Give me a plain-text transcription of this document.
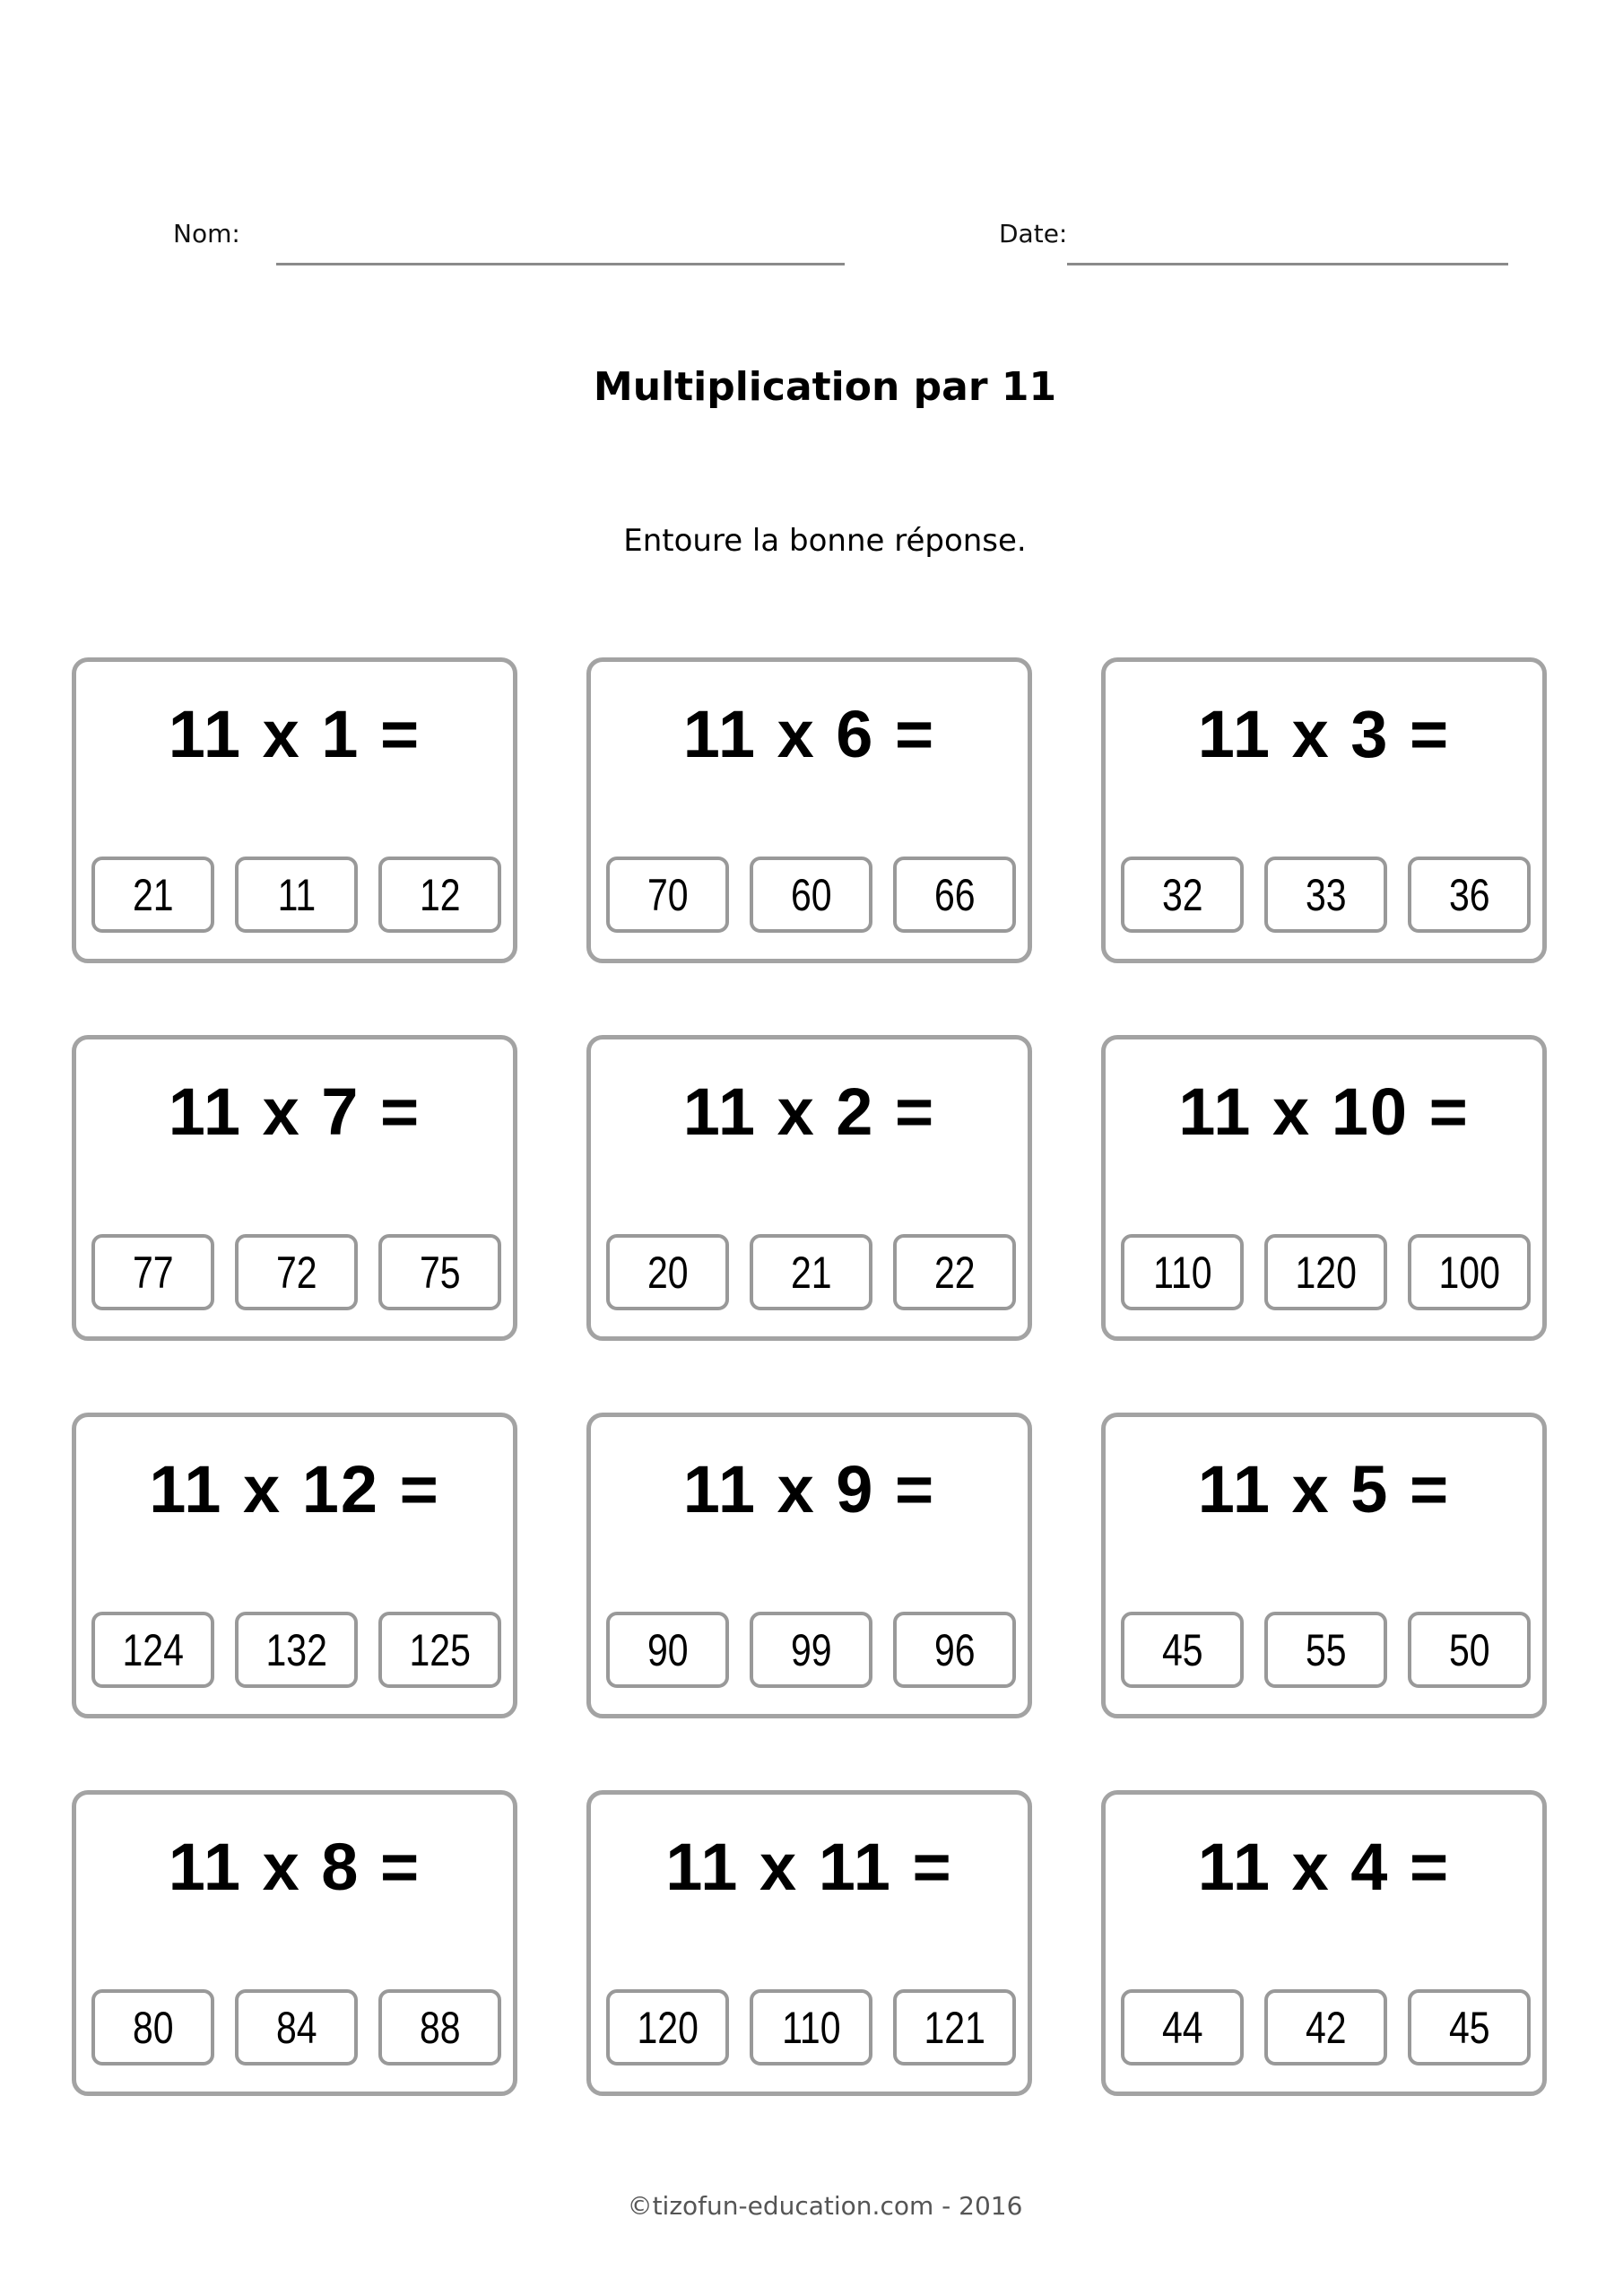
Nom:	Date:
Multiplication par 11
Entoure la bonne réponse.
11 x 1 =
21 11 12
11 x 6 =
70 60 66
11 x 3 =
32 33 36
11 x 7 =
77 72 75
11 x 2 =
20 21 22
11 x 10 =
110 120 100
11 x 12 =
124 132 125
11 x 9 =
90 99 96
11 x 5 =
45 55 50
11 x 8 =
80 84 88
11 x 11 =
120 110 121
11 x 4 =
44 42 45
©tizofun-education.com - 2016
